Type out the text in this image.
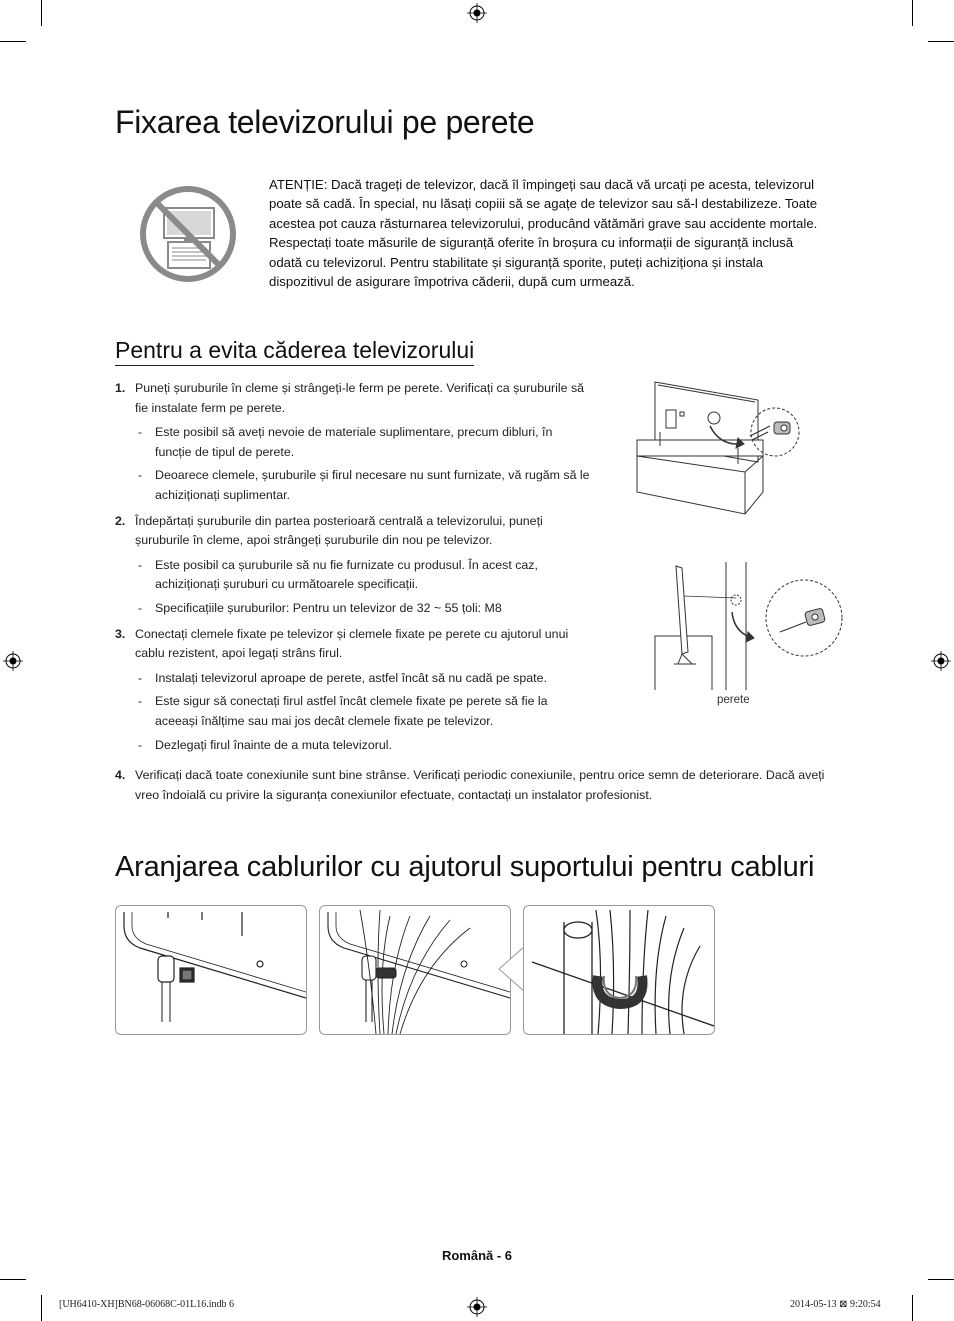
Fixarea televizorului pe perete
ATENȚIE: Dacă trageți de televizor, dacă îl împingeți sau dacă vă urcați pe acesta, televizorul poate să cadă. În special, nu lăsați copiii să se agațe de televizor sau să-l destabilizeze. Toate acestea pot cauza răsturnarea televizorului, producând vătămări grave sau accidente mortale. Respectați toate măsurile de siguranță oferite în broșura cu informații de siguranță inclusă odată cu televizorul. Pentru stabilitate și siguranță sporite, puteți achiziționa și instala dispozitivul de asigurare împotriva căderii, după cum urmează.
Pentru a evita căderea televizorului
1. Puneți șuruburile în cleme și strângeți-le ferm pe perete. Verificați ca șuruburile să fie instalate ferm pe perete.
- Este posibil să aveți nevoie de materiale suplimentare, precum dibluri, în funcție de tipul de perete.
- Deoarece clemele, șuruburile și firul necesare nu sunt furnizate, vă rugăm să le achiziționați suplimentar.
2. Îndepărtați șuruburile din partea posterioară centrală a televizorului, puneți șuruburile în cleme, apoi strângeți șuruburile din nou pe televizor.
- Este posibil ca șuruburile să nu fie furnizate cu produsul. În acest caz, achiziționați șuruburi cu următoarele specificații.
- Specificațiile șuruburilor: Pentru un televizor de 32 ~ 55 țoli: M8
3. Conectați clemele fixate pe televizor și clemele fixate pe perete cu ajutorul unui cablu rezistent, apoi legați strâns firul.
- Instalați televizorul aproape de perete, astfel încât să nu cadă pe spate.
- Este sigur să conectați firul astfel încât clemele fixate pe perete să fie la aceeași înălțime sau mai jos decât clemele fixate pe televizor.
- Dezlegați firul înainte de a muta televizorul.
4. Verificați dacă toate conexiunile sunt bine strânse. Verificați periodic conexiunile, pentru orice semn de deteriorare. Dacă aveți vreo îndoială cu privire la siguranța conexiunilor efectuate, contactați un instalator profesionist.
perete
Aranjarea cablurilor cu ajutorul suportului pentru cabluri
Română - 6
[UH6410-XH]BN68-06068C-01L16.indb 6	2014-05-13 ⊠ 9:20:54
